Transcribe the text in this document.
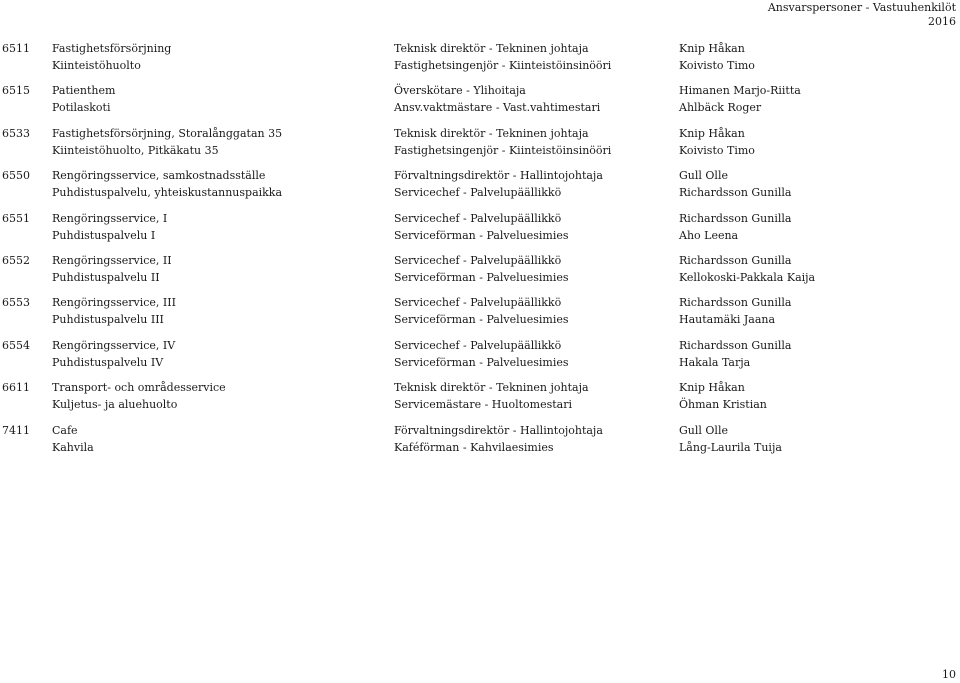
Ansvarspersoner - Vastuuhenkilöt
2016
6511 Fastighetsförsörjning
Kiinteistöhuolto
Teknisk direktör - Tekninen johtaja
Fastighetsingenjör - Kiinteistöinsinööri
Knip Håkan
Koivisto Timo
6515 Patienthem
Potilaskoti
Överskötare - Ylihoitaja
Ansv.vaktmästare - Vast.vahtimestari
Himanen Marjo-Riitta
Ahlbäck Roger
6533 Fastighetsförsörjning, Storalånggatan 35
Kiinteistöhuolto, Pitkäkatu 35
Teknisk direktör - Tekninen johtaja
Fastighetsingenjör - Kiinteistöinsinööri
Knip Håkan
Koivisto Timo
6550 Rengöringsservice, samkostnadsställe
Puhdistuspalvelu, yhteiskustannuspaikka
Förvaltningsdirektör - Hallintojohtaja
Servicechef - Palvelupäällikkö
Gull Olle
Richardsson Gunilla
6551 Rengöringsservice, I
Puhdistuspalvelu I
Servicechef - Palvelupäällikkö
Serviceförman - Palveluesimies
Richardsson Gunilla
Aho Leena
6552 Rengöringsservice, II
Puhdistuspalvelu II
Servicechef - Palvelupäällikkö
Serviceförman - Palveluesimies
Richardsson Gunilla
Kellokoski-Pakkala Kaija
6553 Rengöringsservice, III
Puhdistuspalvelu III
Servicechef - Palvelupäällikkö
Serviceförman - Palveluesimies
Richardsson Gunilla
Hautamäki Jaana
6554 Rengöringsservice, IV
Puhdistuspalvelu IV
Servicechef - Palvelupäällikkö
Serviceförman - Palveluesimies
Richardsson Gunilla
Hakala Tarja
6611 Transport- och områdesservice
Kuljetus- ja aluehuolto
Teknisk direktör - Tekninen johtaja
Servicemästare - Huoltomestari
Knip Håkan
Öhman Kristian
7411 Cafe
Kahvila
Förvaltningsdirektör - Hallintojohtaja
Kaféförman - Kahvilaesimies
Gull Olle
Lång-Laurila Tuija
10
